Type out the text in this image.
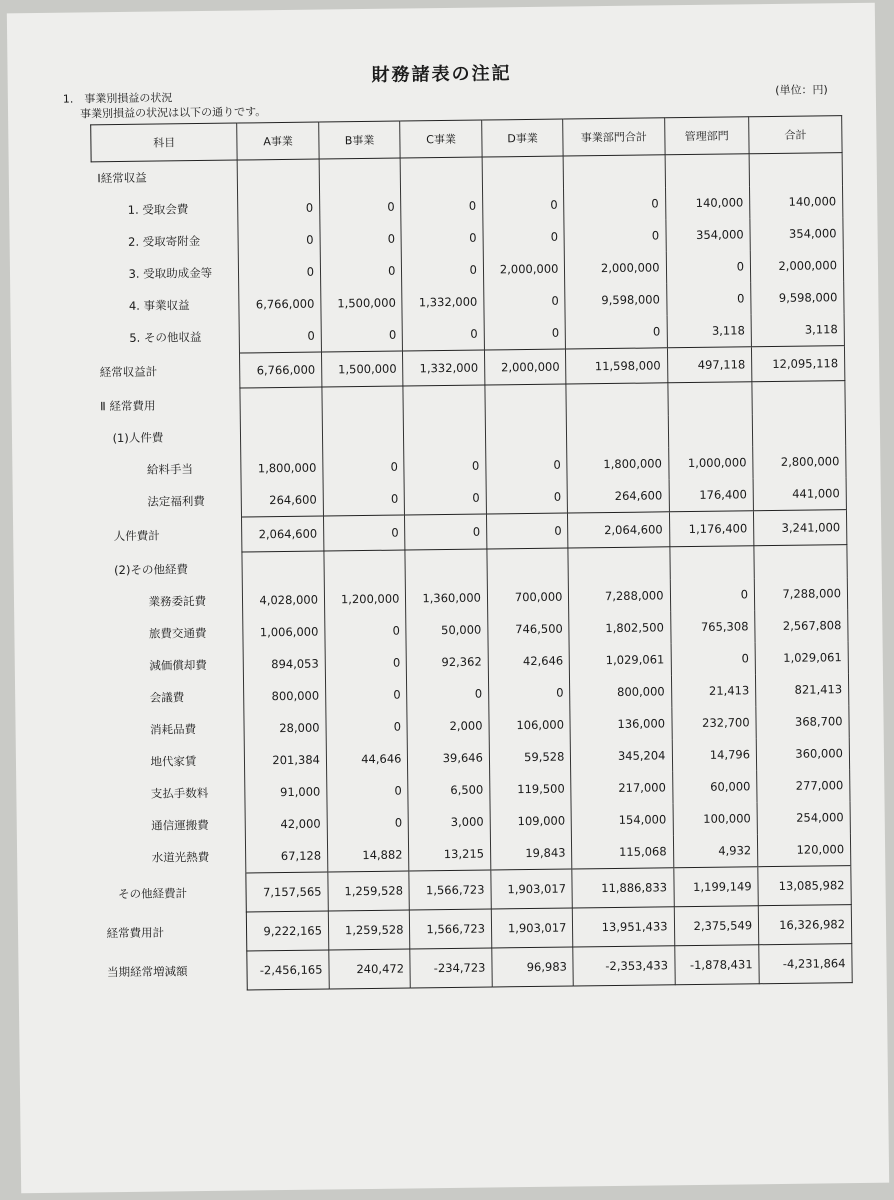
財務諸表の注記
1.　事業別損益の状況
事業別損益の状況は以下の通りです。
(単位：円)
科目	A事業	B事業	C事業	D事業	事業部門合計	管理部門	合計
Ⅰ経常収益							
1. 受取会費	0	0	0	0	0	140,000	140,000
2. 受取寄附金	0	0	0	0	0	354,000	354,000
3. 受取助成金等	0	0	0	2,000,000	2,000,000	0	2,000,000
4. 事業収益	6,766,000	1,500,000	1,332,000	0	9,598,000	0	9,598,000
5. その他収益	0	0	0	0	0	3,118	3,118
経常収益計	6,766,000	1,500,000	1,332,000	2,000,000	11,598,000	497,118	12,095,118
Ⅱ 経常費用							
(1)人件費							
給料手当	1,800,000	0	0	0	1,800,000	1,000,000	2,800,000
法定福利費	264,600	0	0	0	264,600	176,400	441,000
人件費計	2,064,600	0	0	0	2,064,600	1,176,400	3,241,000
(2)その他経費							
業務委託費	4,028,000	1,200,000	1,360,000	700,000	7,288,000	0	7,288,000
旅費交通費	1,006,000	0	50,000	746,500	1,802,500	765,308	2,567,808
減価償却費	894,053	0	92,362	42,646	1,029,061	0	1,029,061
会議費	800,000	0	0	0	800,000	21,413	821,413
消耗品費	28,000	0	2,000	106,000	136,000	232,700	368,700
地代家賃	201,384	44,646	39,646	59,528	345,204	14,796	360,000
支払手数料	91,000	0	6,500	119,500	217,000	60,000	277,000
通信運搬費	42,000	0	3,000	109,000	154,000	100,000	254,000
水道光熱費	67,128	14,882	13,215	19,843	115,068	4,932	120,000
その他経費計	7,157,565	1,259,528	1,566,723	1,903,017	11,886,833	1,199,149	13,085,982
経常費用計	9,222,165	1,259,528	1,566,723	1,903,017	13,951,433	2,375,549	16,326,982
当期経常増減額	-2,456,165	240,472	-234,723	96,983	-2,353,433	-1,878,431	-4,231,864
